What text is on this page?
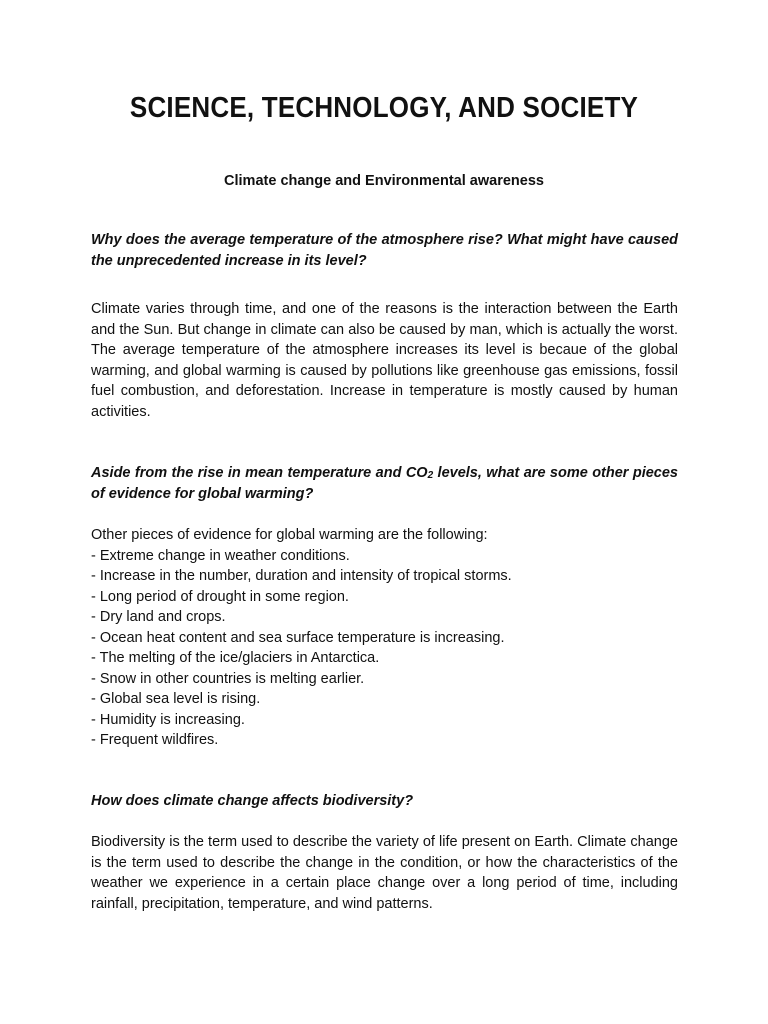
SCIENCE, TECHNOLOGY, AND SOCIETY

Climate change and Environmental awareness

Why does the average temperature of the atmosphere rise? What might have caused the unprecedented increase in its level?

Climate varies through time, and one of the reasons is the interaction between the Earth and the Sun. But change in climate can also be caused by man, which is actually the worst. The average temperature of the atmosphere increases its level is becaue of the global warming, and global warming is caused by pollutions like greenhouse gas emissions, fossil fuel combustion, and deforestation. Increase in temperature is mostly caused by human activities.

Aside from the rise in mean temperature and $CO_2$ levels, what are some other pieces of evidence for global warming?

Other pieces of evidence for global warming are the following:
- Extreme change in weather conditions.
- Increase in the number, duration and intensity of tropical storms.
- Long period of drought in some region.
- Dry land and crops.
- Ocean heat content and sea surface temperature is increasing.
- The melting of the ice/glaciers in Antarctica.
- Snow in other countries is melting earlier.
- Global sea level is rising.
- Humidity is increasing.
- Frequent wildfires.

How does climate change affects biodiversity?

Biodiversity is the term used to describe the variety of life present on Earth. Climate change is the term used to describe the change in the condition, or how the characteristics of the weather we experience in a certain place change over a long period of time, including rainfall, precipitation, temperature, and wind patterns.
